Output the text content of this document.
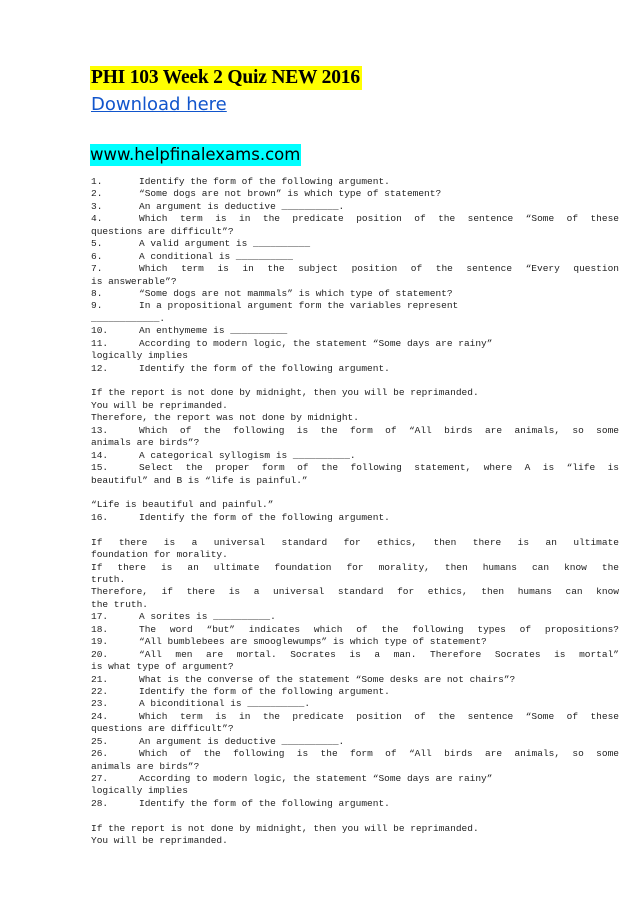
PHI 103 Week 2 Quiz NEW 2016
Download here
www.helpfinalexams.com
1.	Identify the form of the following argument.
2.	“Some dogs are not brown” is which type of statement?
3.	An argument is deductive __________.
4.	Which term is in the predicate position of the sentence “Some of these
questions are difficult”?
5.	A valid argument is __________
6.	A conditional is __________
7.	Which term is in the subject position of the sentence “Every question
is answerable”?
8.	“Some dogs are not mammals” is which type of statement?
9.	In a propositional argument form the variables represent
____________.
10.	An enthymeme is __________
11.	According to modern logic, the statement “Some days are rainy”
logically implies
12.	Identify the form of the following argument.
If the report is not done by midnight, then you will be reprimanded.
You will be reprimanded.
Therefore, the report was not done by midnight.
13.	Which of the following is the form of “All birds are animals, so some
animals are birds”?
14.	A categorical syllogism is __________.
15.	Select the proper form of the following statement, where A is “life is
beautiful” and B is “life is painful.”
“Life is beautiful and painful.”
16.	Identify the form of the following argument.
If there is a universal standard for ethics, then there is an ultimate
foundation for morality.
If there is an ultimate foundation for morality, then humans can know the
truth.
Therefore, if there is a universal standard for ethics, then humans can know
the truth.
17.	A sorites is __________.
18.	The word “but” indicates which of the following types of propositions?
19.	“All bumblebees are smooglewumps” is which type of statement?
20.	“All men are mortal. Socrates is a man. Therefore Socrates is mortal”
is what type of argument?
21.	What is the converse of the statement “Some desks are not chairs”?
22.	Identify the form of the following argument.
23.	A biconditional is __________.
24.	Which term is in the predicate position of the sentence “Some of these
questions are difficult”?
25.	An argument is deductive __________.
26.	Which of the following is the form of “All birds are animals, so some
animals are birds”?
27.	According to modern logic, the statement “Some days are rainy”
logically implies
28.	Identify the form of the following argument.
If the report is not done by midnight, then you will be reprimanded.
You will be reprimanded.
